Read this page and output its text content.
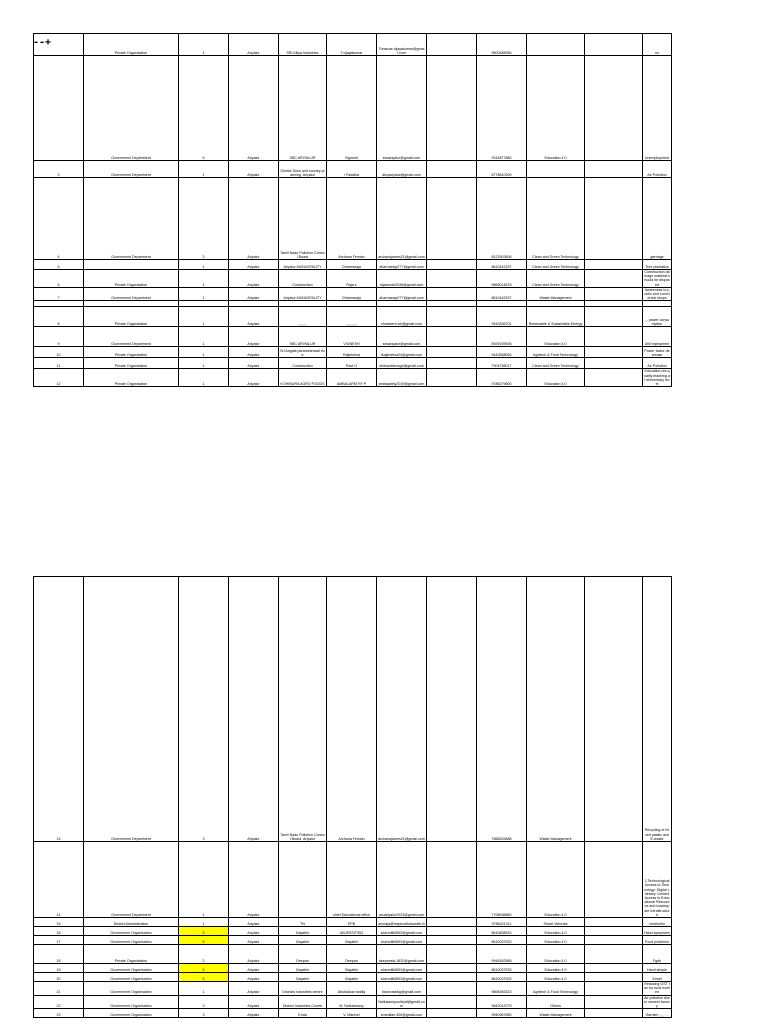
--+
	Private Organisation	1	Ariyalur	SRI Alliya Industries	T.vijayakumar	Treasure.vijayakumar@gmail.com		9600488956			no
	Government Department	5	Ariyalur	SBC ARIYALUR	Vignesh	sbcariyalur@gmail.com		9344877880	Education 4.0		Unemployment
3	Government Department	1	Ariyalur	District Town and country planning, Ariyalur	/ Fasatha	dtcpariyalur@gmail.com		8778610309			Air Pollution
4	Government Department	3	Ariyalur	Tamil Nadu Pollution Control Board	Archana Femian	archanajames21@gmail.com		8122903808	Clean and Green Technology		garbage
5		1	Ariyalur	Ariyalur MUNICIPALITY	Dharmaraja	dharmaraja777@gmail.com		8610442297	Clean and Green Technology		Tree plantation
6	Private Organisation	1	Ariyalur	Construction	Raja s	rajaconstr0038@gmail.com		9865014678	Clean and Green Technology		Construction damage material should be disposed
7	Government Department	1	Ariyalur	Ariyalur MUNICIPALITY	Dharmaraja	dharmaraja777@gmail.com		8610442297	Waste Management		Awareness to public and commercial shops

8	Private Organisation	1	Ariyalur	,,,,,,,,	,,,,,,,,,,,	chnastern.str@gmail.com		9443336701	Renewable & Sustainable Energy		,,, power consumption
9	Government Department	1	Ariyalur	SBC ARIYALUR	VIGNESH	sbcariyalur@gmail.com		8929159926	Education 4.0		UnEmployment
10	Private Organisation	1	Ariyalur	Sri Angala parameshwari rice	Rajkrishna	rkajkrishna24@gmail.com		9442658063	Agritech & Food Technology		Power factor decrease
11	Private Organisation	1	Ariyalur	Construction	Ravi G	ekibravibenoge@gmail.com		7904798017	Clean and Green Technology		Air Pollution
12	Private Organisation	1	Ariyalur	KOHINURA AGRO FOODS	AMBALAPATHY P	ambapathy2019@gmail.com		9786279800	Education 4.0		Education not quality teaching at elementary level
13	Government Department	3	Ariyalur	Tamil Nadu Pollution Control Board, Ariyalur	Archana Femian	archanajames21@gmail.com		7868533888	Waste Management		Recycling of mixed plastic and E-waste
14	Government Department	1	Ariyalur		chief Educational office	ceoariyalur2023@gmail.com		7708938860	Education 4.0		1.Technological Access to Technology: Digital Literacy: Limited Access to Educational Resources and Inadequate Infrastructure
15	District Administration	1	Ariyalur	TN	EPB	anuraja@tnspicndhasarath.in		9786421311	Smart Vehicles		chuthuthu
16	Government Organisation	5	Ariyalur	Gayathri	ABJESSIT553	sbcrediti0893@gmail.com		8610838533	Education 4.0		Hand symptoms
17	Government Organisation	5	Ariyalur	Gayathri	Gayathri	sbcrediti0893@gmail.com		8610037533	Education 4.0		Food problems
18	Private Organisation	2	Ariyalur	Deepan	Deepan	deepansis.1832@gmail.com		9944552565	Education 4.0		Fgdh
19	Government Organisation	5	Ariyalur	Gayathri	Gayathri	sbcrediti0893@gmail.com		8610037533	Education 4.0		Hand simple
20	Government Organisation	5	Ariyalur	Gayathri	Gayathri	sbcrediti0893@gmail.com		8610037533	Education 4.0		Email
21	Government Organisation	1	Ariyalur	Districts industries centre	Abubakkar siddiq	bdcevavldig@gmail.com		9894545323	Agritech & Food Technology		Reducing GST tax for rural women
22	Government Organisation	3	Ariyalur	District Industries Centre	M. Nalluswamy	Nallusamipoultrydl@gmail.com		9842012079	Others		Air pollution due to cement factory
23	Government Organisation	3	Ariyalur	Enda	V. Manivel	smedilan.400@gmail.com		9940967850	Waste Management		Garnien ,,,,, ...
